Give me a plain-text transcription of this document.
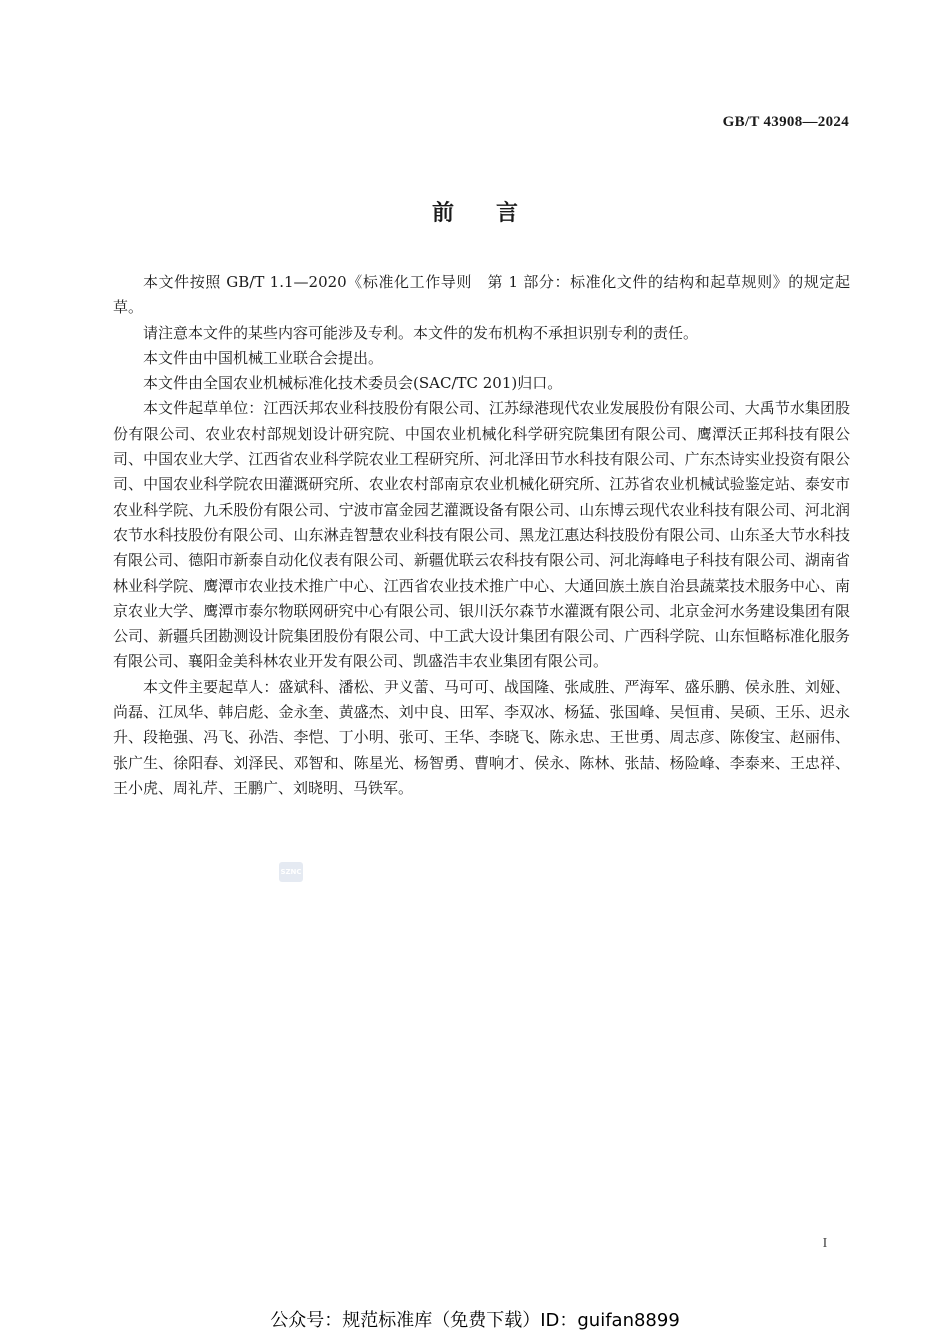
GB/T 43908—2024
前言

本文件按照 GB/T 1.1—2020《标准化工作导则　第 1 部分：标准化文件的结构和起草规则》的规定起草。

请注意本文件的某些内容可能涉及专利。本文件的发布机构不承担识别专利的责任。

本文件由中国机械工业联合会提出。

本文件由全国农业机械标准化技术委员会(SAC/TC 201)归口。

本文件起草单位：江西沃邦农业科技股份有限公司、江苏绿港现代农业发展股份有限公司、大禹节水集团股份有限公司、农业农村部规划设计研究院、中国农业机械化科学研究院集团有限公司、鹰潭沃正邦科技有限公司、中国农业大学、江西省农业科学院农业工程研究所、河北泽田节水科技有限公司、广东杰诗实业投资有限公司、中国农业科学院农田灌溉研究所、农业农村部南京农业机械化研究所、江苏省农业机械试验鉴定站、泰安市农业科学院、九禾股份有限公司、宁波市富金园艺灌溉设备有限公司、山东博云现代农业科技有限公司、河北润农节水科技股份有限公司、山东淋垚智慧农业科技有限公司、黑龙江惠达科技股份有限公司、山东圣大节水科技有限公司、德阳市新泰自动化仪表有限公司、新疆优联云农科技有限公司、河北海峰电子科技有限公司、湖南省林业科学院、鹰潭市农业技术推广中心、江西省农业技术推广中心、大通回族土族自治县蔬菜技术服务中心、南京农业大学、鹰潭市泰尔物联网研究中心有限公司、银川沃尔森节水灌溉有限公司、北京金河水务建设集团有限公司、新疆兵团勘测设计院集团股份有限公司、中工武大设计集团有限公司、广西科学院、山东恒略标准化服务有限公司、襄阳金美科林农业开发有限公司、凯盛浩丰农业集团有限公司。

本文件主要起草人：盛斌科、潘松、尹义蕾、马可可、战国隆、张咸胜、严海军、盛乐鹏、侯永胜、刘娅、尚磊、江凤华、韩启彪、金永奎、黄盛杰、刘中良、田军、李双冰、杨猛、张国峰、吴恒甫、吴硕、王乐、迟永升、段艳强、冯飞、孙浩、李恺、丁小明、张可、王华、李晓飞、陈永忠、王世勇、周志彦、陈俊宝、赵丽伟、张广生、徐阳春、刘泽民、邓智和、陈星光、杨智勇、曹响才、侯永、陈林、张喆、杨险峰、李泰来、王忠祥、王小虎、周礼芹、王鹏广、刘晓明、马铁军。

SZNC
I
公众号：规范标准库（免费下载）ID：guifan8899
